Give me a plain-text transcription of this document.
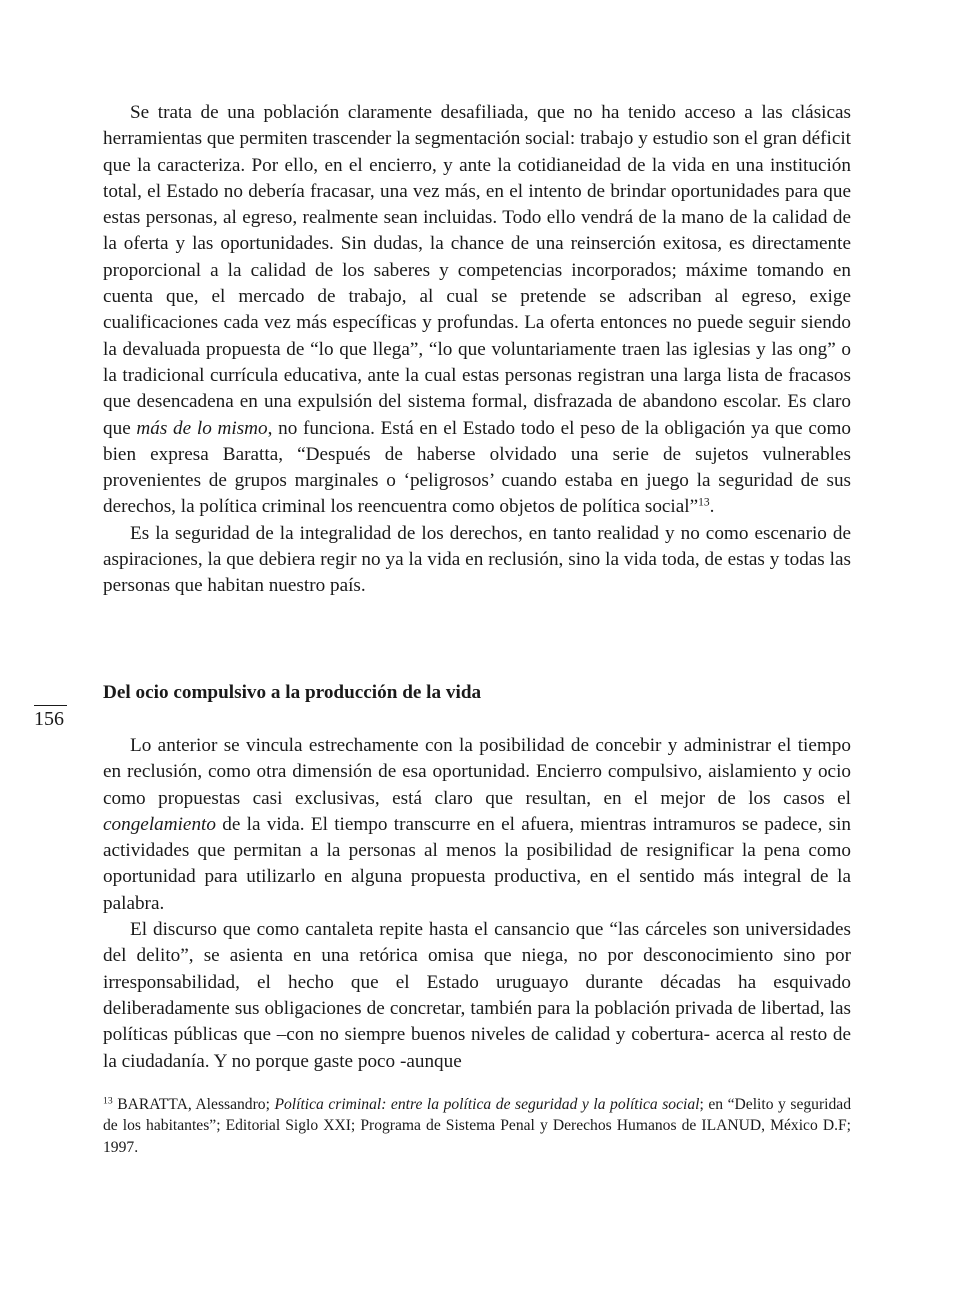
Se trata de una población claramente desafiliada, que no ha tenido acceso a las clásicas herramientas que permiten trascender la segmentación social: trabajo y estudio son el gran déficit que la caracteriza. Por ello, en el encierro, y ante la cotidianeidad de la vida en una institución total, el Estado no debería fracasar, una vez más, en el intento de brindar oportunidades para que estas personas, al egreso, realmente sean incluidas. Todo ello vendrá de la mano de la calidad de la oferta y las oportunidades. Sin dudas, la chance de una reinserción exitosa, es directamente proporcional a la calidad de los saberes y competencias incorporados; máxime tomando en cuenta que, el mercado de trabajo, al cual se pretende se adscriban al egreso, exige cualificaciones cada vez más específicas y profundas. La oferta entonces no puede seguir siendo la devaluada propuesta de “lo que llega”, “lo que voluntariamente traen las iglesias y las ong” o la tradicional currícula educativa, ante la cual estas personas registran una larga lista de fracasos que desencadena en una expulsión del sistema formal, disfrazada de abandono escolar. Es claro que más de lo mismo, no funciona. Está en el Estado todo el peso de la obligación ya que como bien expresa Baratta, “Después de haberse olvidado una serie de sujetos vulnerables provenientes de grupos marginales o ‘peligrosos’ cuando estaba en juego la seguridad de sus derechos, la política criminal los reencuentra como objetos de política social”$^{13}$.

Es la seguridad de la integralidad de los derechos, en tanto realidad y no como escenario de aspiraciones, la que debiera regir no ya la vida en reclusión, sino la vida toda, de estas y todas las personas que habitan nuestro país.

Del ocio compulsivo a la producción de la vida
156

Lo anterior se vincula estrechamente con la posibilidad de concebir y administrar el tiempo en reclusión, como otra dimensión de esa oportunidad. Encierro compulsivo, aislamiento y ocio como propuestas casi exclusivas, está claro que resultan, en el mejor de los casos el congelamiento de la vida. El tiempo transcurre en el afuera, mientras intramuros se padece, sin actividades que permitan a la personas al menos la posibilidad de resignificar la pena como oportunidad para utilizarlo en alguna propuesta productiva, en el sentido más integral de la palabra.

El discurso que como cantaleta repite hasta el cansancio que “las cárceles son universidades del delito”, se asienta en una retórica omisa que niega, no por desconocimiento sino por irresponsabilidad, el hecho que el Estado uruguayo durante décadas ha esquivado deliberadamente sus obligaciones de concretar, también para la población privada de libertad, las políticas públicas que –con no siempre buenos niveles de calidad y cobertura- acerca al resto de la ciudadanía. Y no porque gaste poco -aunque

$^{13}$ BARATTA, Alessandro; Política criminal: entre la política de seguridad y la política social; en “Delito y seguridad de los habitantes”; Editorial Siglo XXI; Programa de Sistema Penal y Derechos Humanos de ILANUD, México D.F; 1997.
